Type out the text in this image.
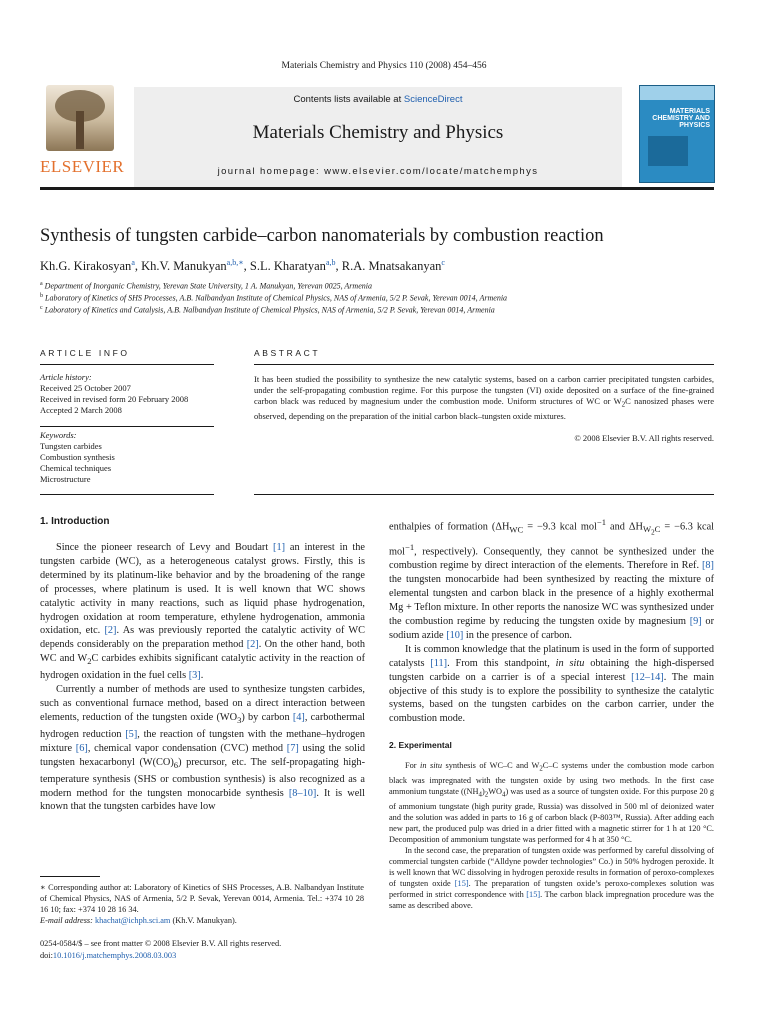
Materials Chemistry and Physics 110 (2008) 454–456
ELSEVIER
Contents lists available at ScienceDirect
Materials Chemistry and Physics
journal homepage: www.elsevier.com/locate/matchemphys
MATERIALS
CHEMISTRY AND
PHYSICS
Synthesis of tungsten carbide–carbon nanomaterials by combustion reaction
Kh.G. Kirakosyan$^a$, Kh.V. Manukyan$^{a,b,∗}$, S.L. Kharatyan$^{a,b}$, R.A. Mnatsakanyan$^c$
$^a$ Department of Inorganic Chemistry, Yerevan State University, 1 A. Manukyan, Yerevan 0025, Armenia
$^b$ Laboratory of Kinetics of SHS Processes, A.B. Nalbandyan Institute of Chemical Physics, NAS of Armenia, 5/2 P. Sevak, Yerevan 0014, Armenia
$^c$ Laboratory of Kinetics and Catalysis, A.B. Nalbandyan Institute of Chemical Physics, NAS of Armenia, 5/2 P. Sevak, Yerevan 0014, Armenia
ARTICLE INFO
Article history:
Received 25 October 2007
Received in revised form 20 February 2008
Accepted 2 March 2008
Keywords:
Tungsten carbides
Combustion synthesis
Chemical techniques
Microstructure
ABSTRACT
It has been studied the possibility to synthesize the new catalytic systems, based on a carbon carrier precipitated tungsten carbides, under the self-propagating combustion regime. For this purpose the tungsten (VI) oxide deposited on a surface of the fine-grained carbon black was reduced by magnesium under the combustion mode. Uniform structures of WC or $W_2C$ nanosized phases were observed, depending on the preparation of the initial carbon black–tungsten oxide mixtures.
© 2008 Elsevier B.V. All rights reserved.
1. Introduction

Since the pioneer research of Levy and Boudart [1] an interest in the tungsten carbide (WC), as a heterogeneous catalyst grows. Firstly, this is determined by its platinum-like behavior and by the broadening of the range of processes, where platinum is used. It is well known that WC shows catalytic activity in many reactions, such as liquid phase hydrogenation, hydrogen oxidation at room temperature, ethylene hydrogenation, ammonia oxidation, etc. [2]. As was previously reported the catalytic activity of WC depends considerably on the preparation method [2]. On the other hand, both WC and $W_2C$ carbides exhibits significant catalytic activity in the reaction of hydrogen oxidation in the fuel cells [3].

Currently a number of methods are used to synthesize tungsten carbides, such as conventional furnace method, based on a direct interaction between elements, reduction of the tungsten oxide $(WO_3)$ by carbon [4], carbothermal hydrogen reduction [5], the reaction of tungsten with the methane–hydrogen mixture [6], chemical vapor condensation (CVC) method [7] using the solid tungsten hexacarbonyl $(W(CO)_6)$ precursor, etc. The self-propagating high-temperature synthesis (SHS or combustion synthesis) is also recognized as a modern method for the tungsten monocarbide synthesis [8–10]. It is well known that the tungsten carbides have low

∗ Corresponding author at: Laboratory of Kinetics of SHS Processes, A.B. Nalbandyan Institute of Chemical Physics, NAS of Armenia, 5/2 P. Sevak, Yerevan 0014, Armenia. Tel.: +374 10 28 16 10; fax: +374 10 28 16 34.
E-mail address: khachat@ichph.sci.am (Kh.V. Manukyan).
0254-0584/$ – see front matter © 2008 Elsevier B.V. All rights reserved.
doi:10.1016/j.matchemphys.2008.03.003

enthalpies of formation ($\Delta H_{WC} = -9.3$ kcal mol$^{-1}$ and $\Delta H_{W_2C} = -6.3$ kcal mol$^{-1}$, respectively). Consequently, they cannot be synthesized under the combustion regime by direct interaction of the elements. Therefore in Ref. [8] the tungsten monocarbide had been synthesized by reacting the mixture of elemental tungsten and carbon black in the presence of a highly exothermal Mg + Teflon mixture. In other reports the nanosize WC was synthesized under the combustion regime by reducing the tungsten oxide by magnesium [9] or sodium azide [10] in the presence of carbon.

It is common knowledge that the platinum is used in the form of supported catalysts [11]. From this standpoint, in situ obtaining the high-dispersed tungsten carbide on a carrier is of a special interest [12–14]. The main objective of this study is to explore the possibility to synthesize the catalytic systems, based on the tungsten carbides on the carbon carrier, under the combustion mode.

2. Experimental

For in situ synthesis of WC–C and $W_2C-C$ systems under the combustion mode carbon black was impregnated with the tungsten oxide by using two methods. In the first case ammonium tungstate $((NH_4)_2WO_4)$ was used as a source of tungsten oxide. For this purpose 20 g of ammonium tungstate (high purity grade, Russia) was dissolved in 500 ml of deionized water and the solution was added in parts to 16 g of carbon black (P-803™, Russia). After adding each new part, the produced pulp was dried in a drier fitted with a magnetic stirrer for 1 h at 120 °C. Decomposition of ammonium tungstate was performed for 4 h at 350 °C.

In the second case, the preparation of tungsten oxide was performed by careful dissolving of commercial tungsten carbide (“Alldyne powder technologies” Co.) in 50% hydrogen peroxide. It is well known that WC dissolving in hydrogen peroxide results in formation of peroxo-complexes of tungsten oxide [15]. The preparation of tungsten oxide’s peroxo-complexes solution was performed in strict correspondence with [15]. The carbon black impregnation procedure was the same as described above.
